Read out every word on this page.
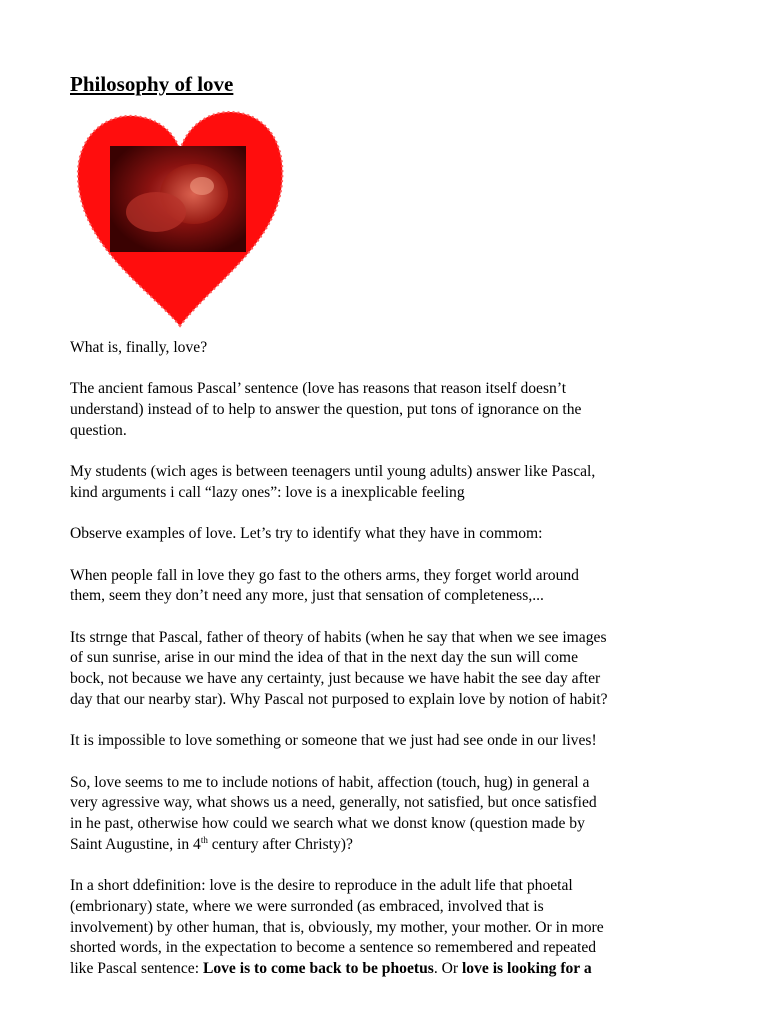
Philosophy of love

What is, finally, love?

The ancient famous Pascal’ sentence (love has reasons that reason itself doesn’t
understand) instead of to help to answer the question, put tons of ignorance on the
question.

My students (wich ages is between teenagers until young adults) answer like Pascal,
kind arguments i call “lazy ones”: love is a inexplicable feeling

Observe examples of love. Let’s try to identify what they have in commom:

When people fall in love they go fast to the others arms, they forget world around
them, seem they don’t need any more, just that sensation of completeness,...

Its strnge that Pascal, father of theory of habits (when he say that when we see images
of sun sunrise, arise in our mind the idea of that in the next day the sun will come
bock, not because we have any certainty, just because we have habit the see day after
day that our nearby star). Why Pascal not purposed to explain love by notion of habit?

It is impossible to love something or someone that we just had see onde in our lives!

So, love seems to me to include notions of habit, affection (touch, hug) in general a
very agressive way, what shows us a need, generally, not satisfied, but once satisfied
in he past, otherwise how could we search what we donst know (question made by
Saint Augustine, in 4th century after Christy)?

In a short ddefinition: love is the desire to reproduce in the adult life that phoetal
(embrionary) state, where we were surronded (as embraced, involved that is
involvement) by other human, that is, obviously, my mother, your mother. Or in more
shorted words, in the expectation to become a sentence so remembered and repeated
like Pascal sentence: Love is to come back to be phoetus. Or love is looking for a
